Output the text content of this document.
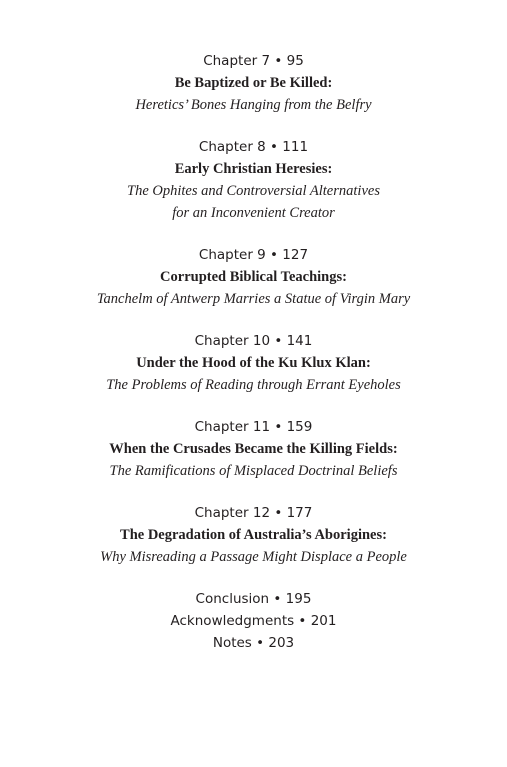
Chapter 7 • 95
Be Baptized or Be Killed:
Heretics’ Bones Hanging from the Belfry
Chapter 8 • 111
Early Christian Heresies:
The Ophites and Controversial Alternatives
for an Inconvenient Creator
Chapter 9 • 127
Corrupted Biblical Teachings:
Tanchelm of Antwerp Marries a Statue of Virgin Mary
Chapter 10 • 141
Under the Hood of the Ku Klux Klan:
The Problems of Reading through Errant Eyeholes
Chapter 11 • 159
When the Crusades Became the Killing Fields:
The Ramifications of Misplaced Doctrinal Beliefs
Chapter 12 • 177
The Degradation of Australia’s Aborigines:
Why Misreading a Passage Might Displace a People
Conclusion • 195
Acknowledgments • 201
Notes • 203
